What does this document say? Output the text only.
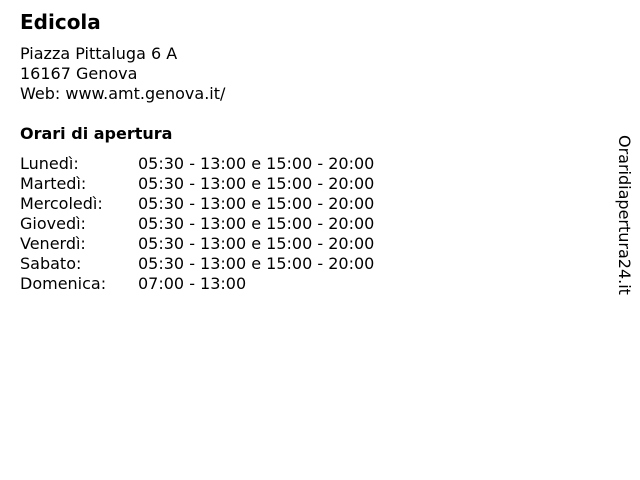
Edicola
Piazza Pittaluga 6 A
16167 Genova
Web: www.amt.genova.it/
Orari di apertura
Lunedì:	05:30 - 13:00 e 15:00 - 20:00
Martedì:	05:30 - 13:00 e 15:00 - 20:00
Mercoledì:	05:30 - 13:00 e 15:00 - 20:00
Giovedì:	05:30 - 13:00 e 15:00 - 20:00
Venerdì:	05:30 - 13:00 e 15:00 - 20:00
Sabato:	05:30 - 13:00 e 15:00 - 20:00
Domenica:	07:00 - 13:00	Oraridiapertura24.it
